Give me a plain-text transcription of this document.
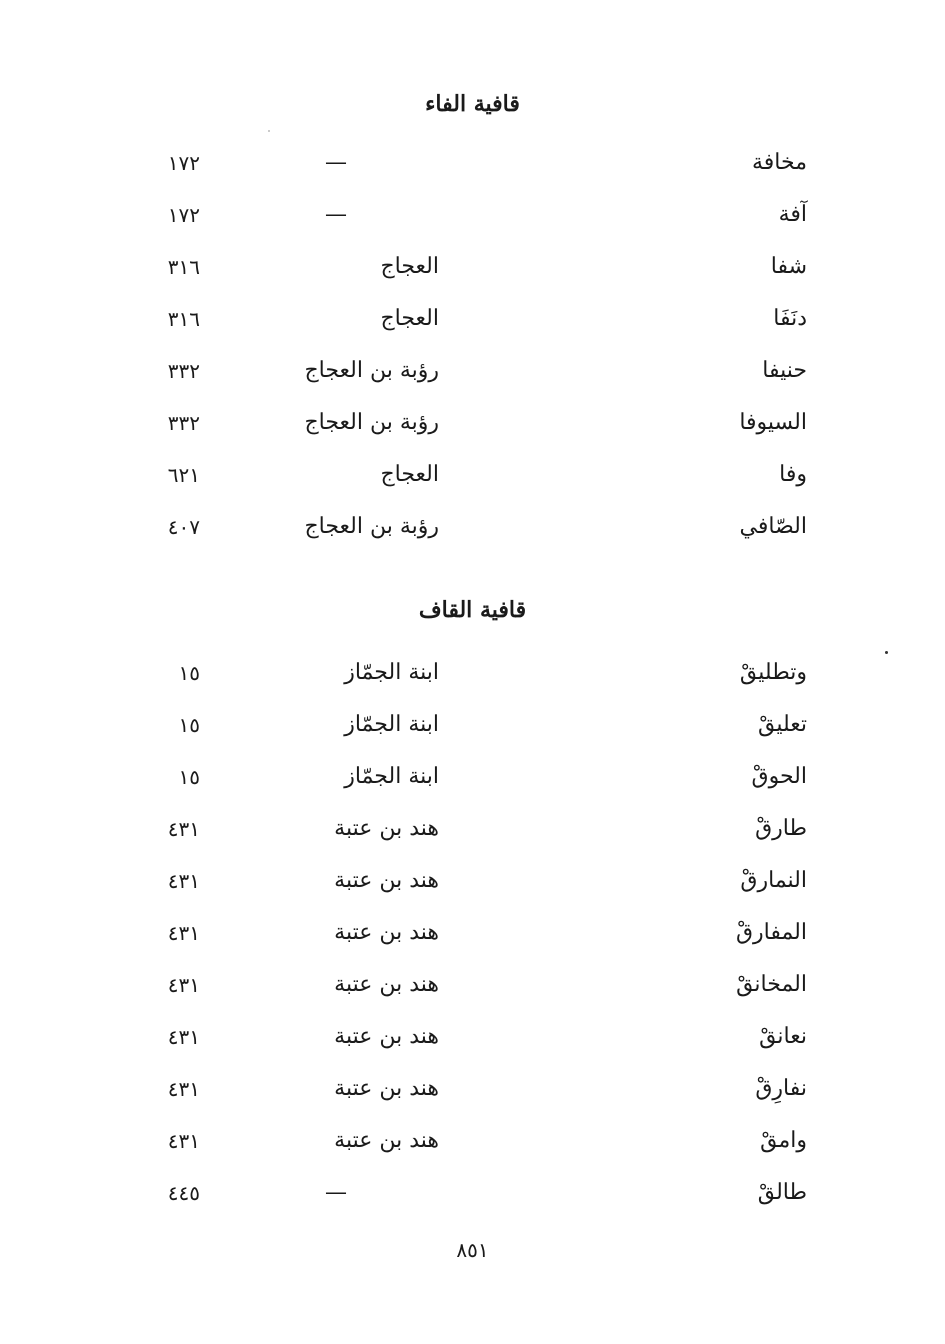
قافية الفاء
مخافة
—
١٧٢
آفة
—
١٧٢
شفا
العجاج
٣١٦
دنَفَا
العجاج
٣١٦
حنيفا
رؤبة بن العجاج
٣٣٢
السيوفا
رؤبة بن العجاج
٣٣٢
وفا
العجاج
٦٢١
الصّافي
رؤبة بن العجاج
٤٠٧
قافية القاف
وتطليقْ
ابنة الجمّاز
١٥
تعليقْ
ابنة الجمّاز
١٥
الحوقْ
ابنة الجمّاز
١٥
طارقْ
هند بن عتبة
٤٣١
النمارقْ
هند بن عتبة
٤٣١
المفارقْ
هند بن عتبة
٤٣١
المخانقْ
هند بن عتبة
٤٣١
نعانقْ
هند بن عتبة
٤٣١
نفارِقْ
هند بن عتبة
٤٣١
وامقْ
هند بن عتبة
٤٣١
طالقْ
—
٤٤٥
٨٥١
